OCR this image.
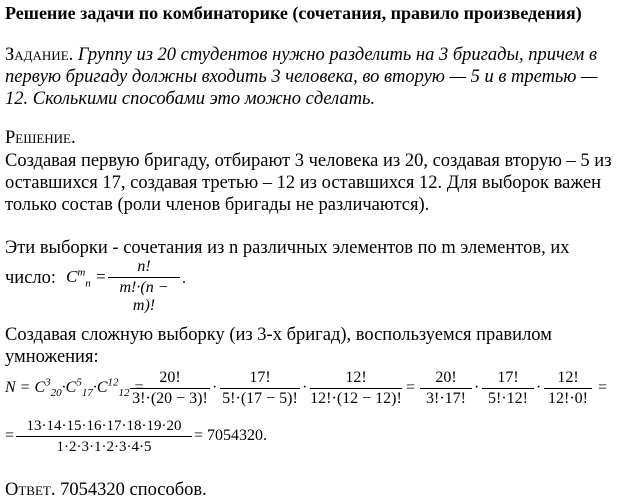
Решение задачи по комбинаторике (сочетания, правило произведения)
Задание. Группу из 20 студентов нужно разделить на 3 бригады, причем в
первую бригаду должны входить 3 человека, во вторую — 5 и в третью —
12. Сколькими способами это можно сделать.
Решение.
Создавая первую бригаду, отбирают 3 человека из 20, создавая вторую – 5 из
оставшихся 17, создавая третью – 12 из оставшихся 12. Для выборок важен
только состав (роли членов бригады не различаются).
Эти выборки - сочетания из n различных элементов по m элементов, их
число: $C^m_n$ =
n!
m!·(n − m)!
.
Создавая сложную выборку (из 3-х бригад), воспользуемся правилом
умножения:
$N = C^3_{20}\cdot C^5_{17}\cdot C^{12}_{12}$ =
20!
3!·(20 − 3)!
·
17!
5!·(17 − 5)!
·
12!
12!·(12 − 12)!
=
20!
3!·17!
·
17!
5!·12!
·
12!
12!·0!
=
=
13·14·15·16·17·18·19·20
1·2·3·1·2·3·4·5
= 7054320.
Ответ. 7054320 способов.
